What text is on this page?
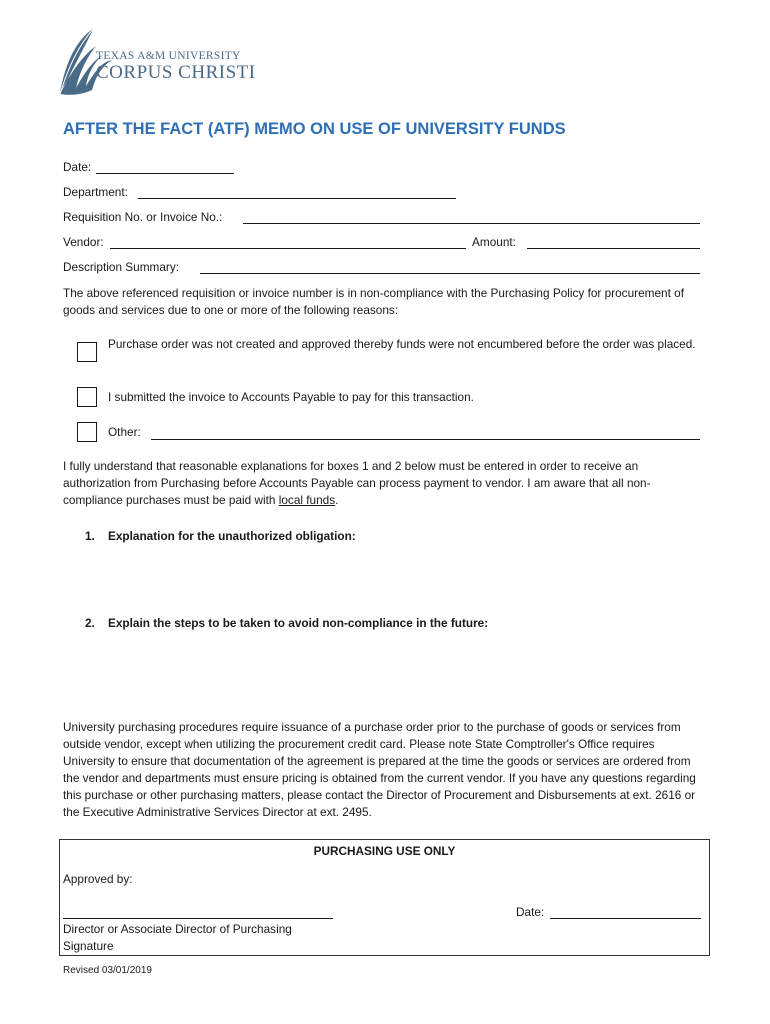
TEXAS A&M UNIVERSITY
CORPUS CHRISTI
AFTER THE FACT (ATF) MEMO ON USE OF UNIVERSITY FUNDS
Date:
Department:
Requisition No. or Invoice No.:
Vendor:	Amount:
Description Summary:
The above referenced requisition or invoice number is in non-compliance with the Purchasing Policy for procurement of goods and services due to one or more of the following reasons:
Purchase order was not created and approved thereby funds were not encumbered before the order was placed.
I submitted the invoice to Accounts Payable to pay for this transaction.
Other:
I fully understand that reasonable explanations for boxes 1 and 2 below must be entered in order to receive an authorization from Purchasing before Accounts Payable can process payment to vendor. I am aware that all non-compliance purchases must be paid with local funds.
1. Explanation for the unauthorized obligation:
2. Explain the steps to be taken to avoid non-compliance in the future:
University purchasing procedures require issuance of a purchase order prior to the purchase of goods or services from outside vendor, except when utilizing the procurement credit card. Please note State Comptroller's Office requires University to ensure that documentation of the agreement is prepared at the time the goods or services are ordered from the vendor and departments must ensure pricing is obtained from the current vendor. If you have any questions regarding this purchase or other purchasing matters, please contact the Director of Procurement and Disbursements at ext. 2616 or the Executive Administrative Services Director at ext. 2495.
PURCHASING USE ONLY
Approved by:
Date:
Director or Associate Director of Purchasing
Signature
Revised 03/01/2019
